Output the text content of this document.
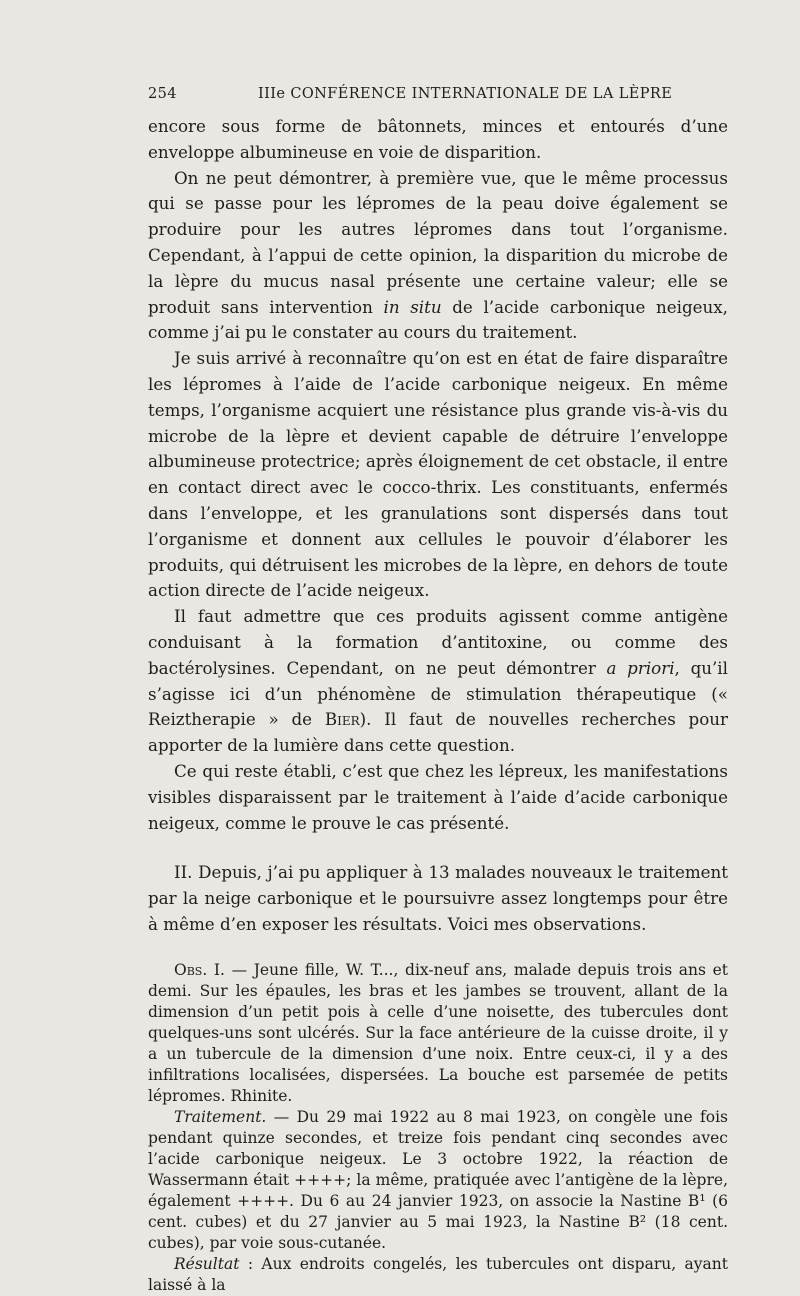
254	IIIe CONFÉRENCE INTERNATIONALE DE LA LÈPRE

encore sous forme de bâtonnets, minces et entourés d’une enveloppe albumineuse en voie de disparition.

On ne peut démontrer, à première vue, que le même processus qui se passe pour les lépromes de la peau doive également se produire pour les autres lépromes dans tout l’organisme. Cependant, à l’appui de cette opinion, la disparition du microbe de la lèpre du mucus nasal présente une certaine valeur; elle se produit sans intervention in situ de l’acide carbonique neigeux, comme j’ai pu le constater au cours du traitement.

Je suis arrivé à reconnaître qu’on est en état de faire disparaître les lépromes à l’aide de l’acide carbonique neigeux. En même temps, l’organisme acquiert une résistance plus grande vis-à-vis du microbe de la lèpre et devient capable de détruire l’enveloppe albumineuse protectrice; après éloignement de cet obstacle, il entre en contact direct avec le cocco-thrix. Les constituants, enfermés dans l’enveloppe, et les granulations sont dispersés dans tout l’organisme et donnent aux cellules le pouvoir d’élaborer les produits, qui détruisent les microbes de la lèpre, en dehors de toute action directe de l’acide neigeux.

Il faut admettre que ces produits agissent comme antigène conduisant à la formation d’antitoxine, ou comme des bactérolysines. Cependant, on ne peut démontrer a priori, qu’il s’agisse ici d’un phénomène de stimulation thérapeutique (« Reiztherapie » de Bier). Il faut de nouvelles recherches pour apporter de la lumière dans cette question.

Ce qui reste établi, c’est que chez les lépreux, les manifestations visibles disparaissent par le traitement à l’aide d’acide carbonique neigeux, comme le prouve le cas présenté.

II. Depuis, j’ai pu appliquer à 13 malades nouveaux le traitement par la neige carbonique et le poursuivre assez longtemps pour être à même d’en exposer les résultats. Voici mes observations.

Obs. I. — Jeune fille, W. T..., dix-neuf ans, malade depuis trois ans et demi. Sur les épaules, les bras et les jambes se trouvent, allant de la dimension d’un petit pois à celle d’une noisette, des tubercules dont quelques-uns sont ulcérés. Sur la face antérieure de la cuisse droite, il y a un tubercule de la dimension d’une noix. Entre ceux-ci, il y a des infiltrations localisées, dispersées. La bouche est parsemée de petits lépromes. Rhinite.

Traitement. — Du 29 mai 1922 au 8 mai 1923, on congèle une fois pendant quinze secondes, et treize fois pendant cinq secondes avec l’acide carbonique neigeux. Le 3 octobre 1922, la réaction de Wassermann était ++++; la même, pratiquée avec l’antigène de la lèpre, également ++++. Du 6 au 24 janvier 1923, on associe la Nastine B¹ (6 cent. cubes) et du 27 janvier au 5 mai 1923, la Nastine B² (18 cent. cubes), par voie sous-cutanée.

Résultat : Aux endroits congelés, les tubercules ont disparu, ayant laissé à la
